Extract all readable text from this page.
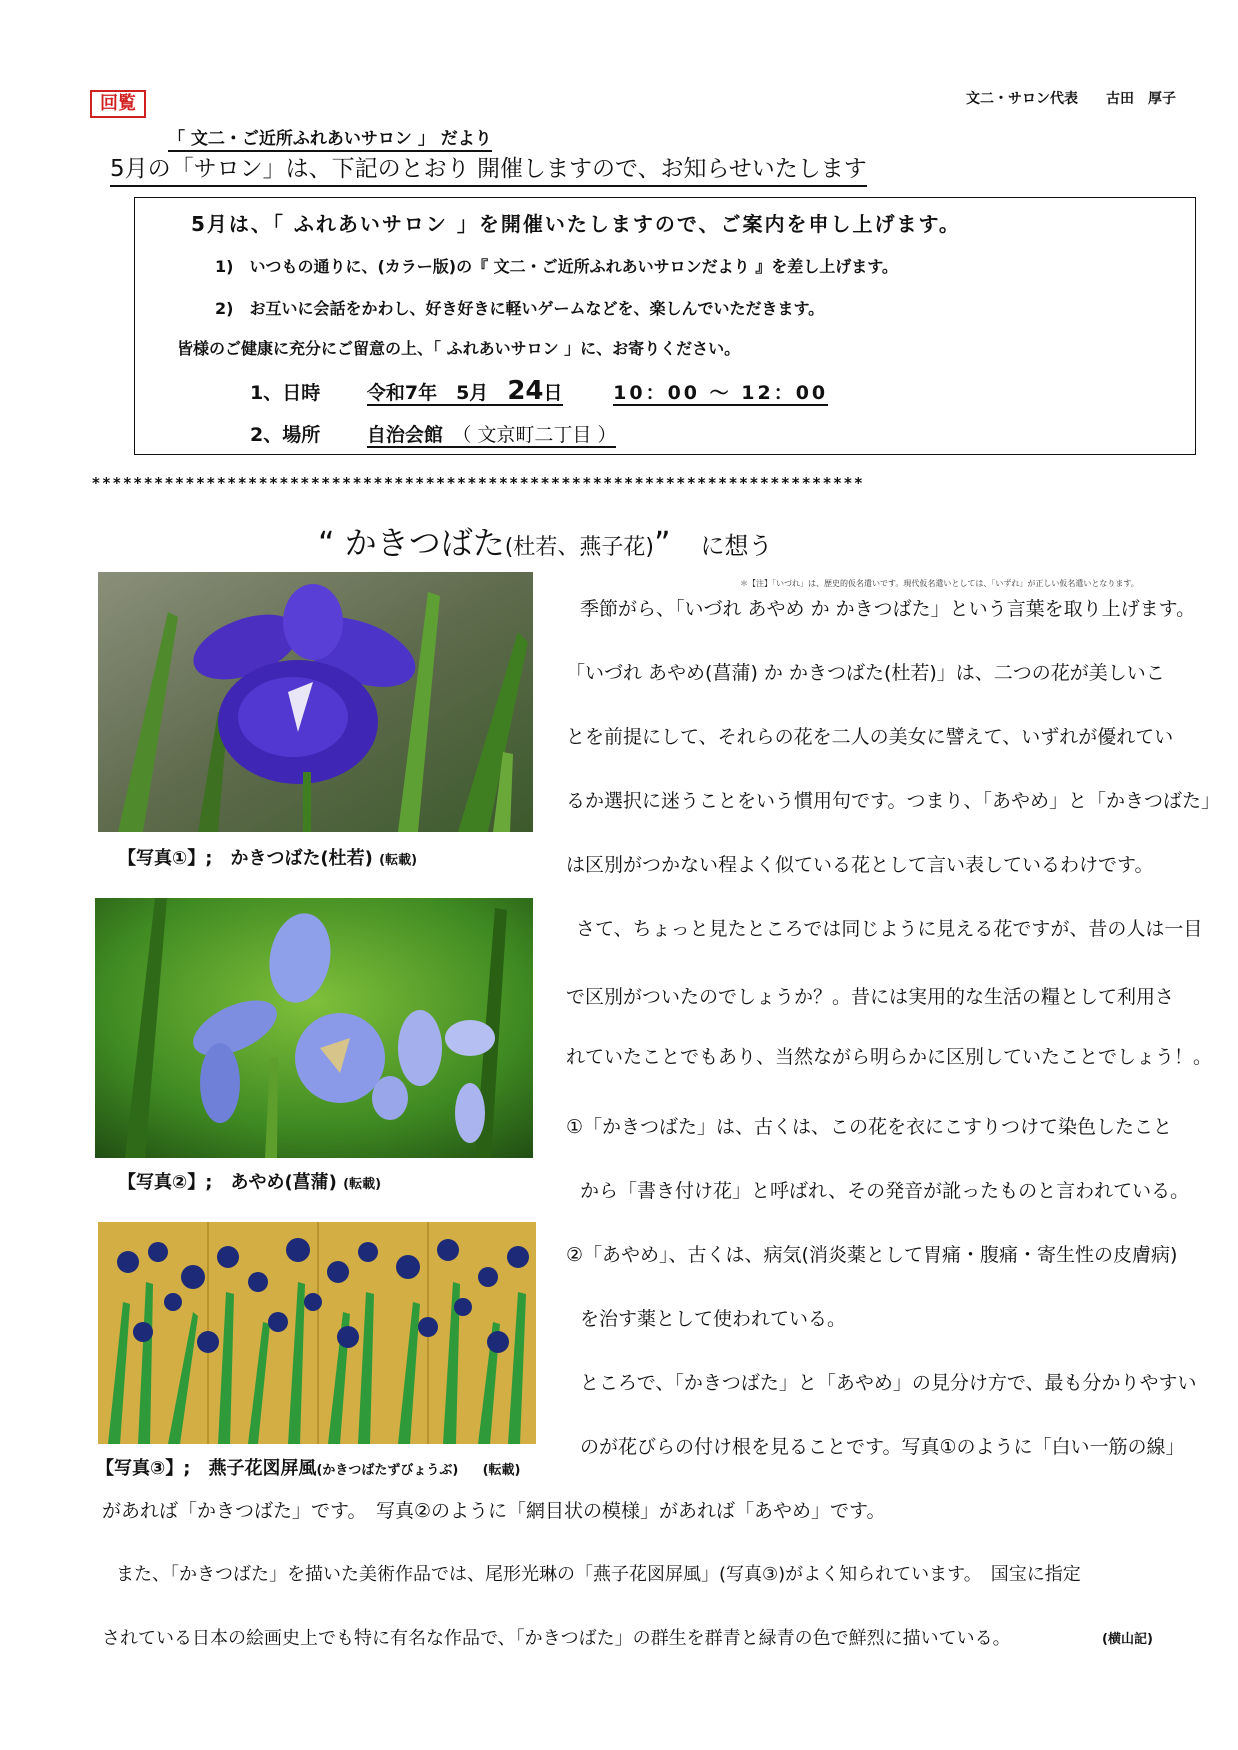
回覧	文二・サロン代表　　古田　厚子
「 文二・ご近所ふれあいサロン 」 だより
5月の「サロン」は、下記のとおり 開催しますので、お知らせいたします
5月は、「 ふれあいサロン 」を開催いたしますので、ご案内を申し上げます。
1)　いつもの通りに、(カラー版)の『 文二・ご近所ふれあいサロンだより 』を差し上げます。
2)　お互いに会話をかわし、好き好きに軽いゲームなどを、楽しんでいただきます。
皆様のご健康に充分にご留意の上、「 ふれあいサロン 」に、お寄りください。
1、日時 令和7年　5月　24日	10：00 ～ 12：00
2、場所 自治会館　（ 文京町二丁目 ）
**************************************************************************
“ かきつばた(杜若、燕子花)” に想う
【写真①】;　かきつばた(杜若) (転載)
【写真②】;　あやめ(菖蒲) (転載)
【写真③】;　燕子花図屏風(かきつばたずびょうぶ) (転載)
＊【注】「いづれ」は、歴史的仮名遣いです。現代仮名遣いとしては、「いずれ」が正しい仮名遣いとなります。
季節がら、「いづれ あやめ か かきつばた」という言葉を取り上げます。
「いづれ あやめ(菖蒲) か かきつばた(杜若)」は、二つの花が美しいこ
とを前提にして、それらの花を二人の美女に譬えて、いずれが優れてい
るか選択に迷うことをいう慣用句です。つまり、「あやめ」と「かきつばた」
は区別がつかない程よく似ている花として言い表しているわけです。
さて、ちょっと見たところでは同じように見える花ですが、昔の人は一目
で区別がついたのでしょうか？。昔には実用的な生活の糧として利用さ
れていたことでもあり、当然ながら明らかに区別していたことでしょう！。
①「かきつばた」は、古くは、この花を衣にこすりつけて染色したこと
から「書き付け花」と呼ばれ、その発音が訛ったものと言われている。
②「あやめ」、古くは、病気(消炎薬として胃痛・腹痛・寄生性の皮膚病)
を治す薬として使われている。
ところで、「かきつばた」と「あやめ」の見分け方で、最も分かりやすい
のが花びらの付け根を見ることです。写真①のように「白い一筋の線」
があれば「かきつばた」です。　写真②のように「網目状の模様」があれば「あやめ」です。
また、「かきつばた」を描いた美術作品では、尾形光琳の「燕子花図屏風」(写真③)がよく知られています。　国宝に指定
されている日本の絵画史上でも特に有名な作品で、「かきつばた」の群生を群青と緑青の色で鮮烈に描いている。	(横山記)
